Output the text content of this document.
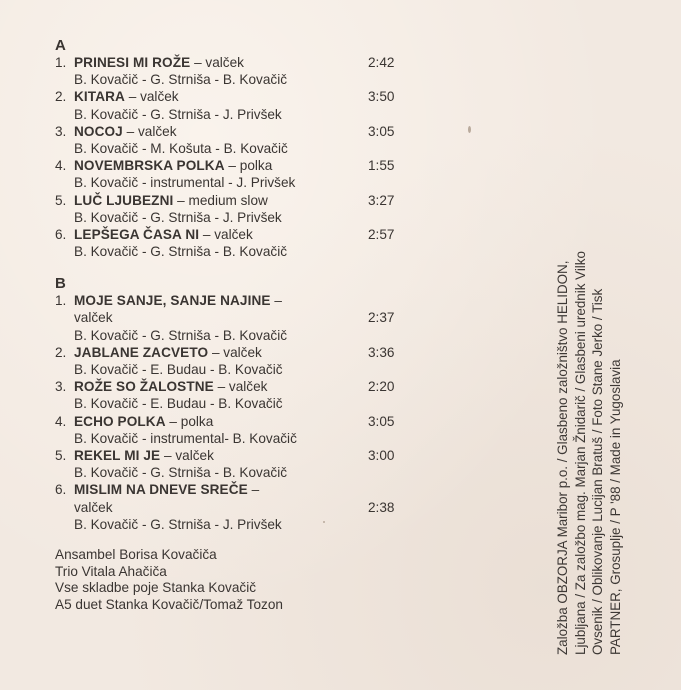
A
1. PRINESI MI ROŽE – valček	2:42
B. Kovačič - G. Strniša - B. Kovačič
2. KITARA – valček	3:50
B. Kovačič - G. Strniša - J. Privšek
3. NOCOJ – valček	3:05
B. Kovačič - M. Košuta - B. Kovačič
4. NOVEMBRSKA POLKA – polka	1:55
B. Kovačič - instrumental - J. Privšek
5. LUČ LJUBEZNI – medium slow	3:27
B. Kovačič - G. Strniša - J. Privšek
6. LEPŠEGA ČASA NI – valček	2:57
B. Kovačič - G. Strniša - B. Kovačič
B
1. MOJE SANJE, SANJE NAJINE –
valček	2:37
B. Kovačič - G. Strniša - B. Kovačič
2. JABLANE ZACVETO – valček	3:36
B. Kovačič - E. Budau - B. Kovačič
3. ROŽE SO ŽALOSTNE – valček	2:20
B. Kovačič - E. Budau - B. Kovačič
4. ECHO POLKA – polka	3:05
B. Kovačič - instrumental- B. Kovačič
5. REKEL MI JE – valček	3:00
B. Kovačič - G. Strniša - B. Kovačič
6. MISLIM NA DNEVE SREČE –
valček	2:38
B. Kovačič - G. Strniša - J. Privšek
Ansambel Borisa Kovačiča
Trio Vitala Ahačiča
Vse skladbe poje Stanka Kovačič
A5 duet Stanka Kovačič/Tomaž Tozon	Založba OBZORJA Maribor p.o. / Glasbeno založništvo HELIDON, Ljubljana / Za založbo mag. Marjan Žnidarič / Glasbeni urednik Vilko Ovsenik / Oblikovanje Lucijan Bratuš / Foto Stane Jerko / Tisk PARTNER, Grosuplje / P '88 / Made in Yugoslavia
